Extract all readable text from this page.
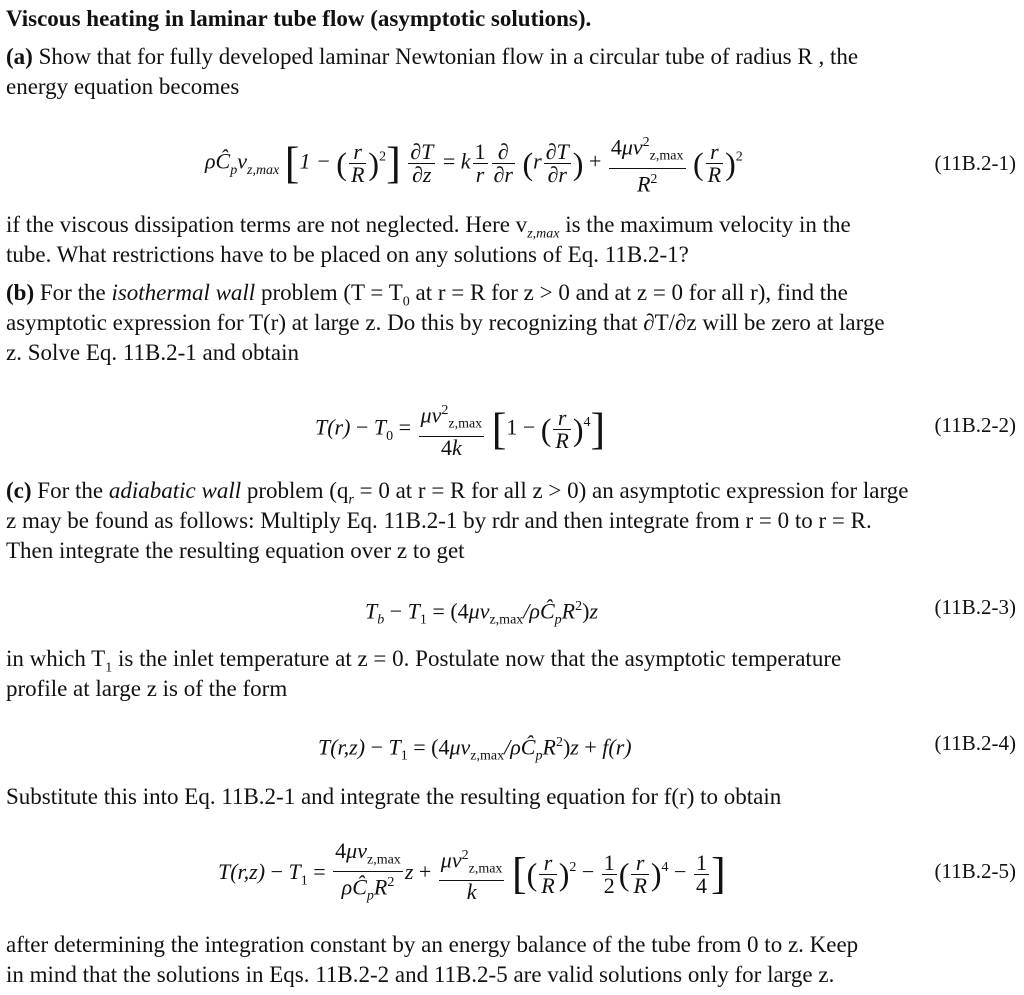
Viscous heating in laminar tube flow (asymptotic solutions).
(a) Show that for fully developed laminar Newtonian flow in a circular tube of radius R , the
energy equation becomes
$\rho Ĉ_pv_{z,max}$ [1 − ( $\frac{r}{R} )^2] \frac{\partial T}{\partial z} = k \frac{1}{r} \frac{\partial}{\partial r} (r \frac{\partial T}{\partial r}$ ) + $\frac{4\mu v^2_{z,max}}{R^2}$ ( $\frac{r}{R} )^2$	(11B.2-1)
if the viscous dissipation terms are not neglected. Here $v_{z,max}$ is the maximum velocity in the
tube. What restrictions have to be placed on any solutions of Eq. 11B.2-1?
(b) For the isothermal wall problem ($T = T_0$ at r = R for z > 0 and at z = 0 for all r), find the
asymptotic expression for T(r) at large z. Do this by recognizing that ∂T/∂z will be zero at large
z. Solve Eq. 11B.2-1 and obtain
$T(r) - T_0 = \frac{\mu v^2_{z,max}}{4k} [1$ − ( $\frac{r}{R} )^4$]	(11B.2-2)
(c) For the adiabatic wall problem ($q_r = 0$ at r = R for all z > 0) an asymptotic expression for large
z may be found as follows: Multiply Eq. 11B.2-1 by rdr and then integrate from r = 0 to r = R.
Then integrate the resulting equation over z to get
$T_b - T_1$ = $(4\mu v_{z,max}/\rho Ĉ_pR^2)z$	(11B.2-3)
in which $T_1$ is the inlet temperature at z = 0. Postulate now that the asymptotic temperature
profile at large z is of the form
$T(r,z) - T_1$ = $(4\mu v_{z,max}/\rho Ĉ_pR^2)z + f(r)$	(11B.2-4)
Substitute this into Eq. 11B.2-1 and integrate the resulting equation for f(r) to obtain
$T(r,z) - T_1 = \frac{4\mu v_{z,max}}{\rho Ĉ_pR^2}$ $z + \frac{\mu v^2_{z,max}}{k}$ [( $\frac{r}{R} )^2 - \frac{1}{2}$ ( $\frac{r}{R} )^4 - \frac{1}{4}$ ]	(11B.2-5)
after determining the integration constant by an energy balance of the tube from 0 to z. Keep
in mind that the solutions in Eqs. 11B.2-2 and 11B.2-5 are valid solutions only for large z.
